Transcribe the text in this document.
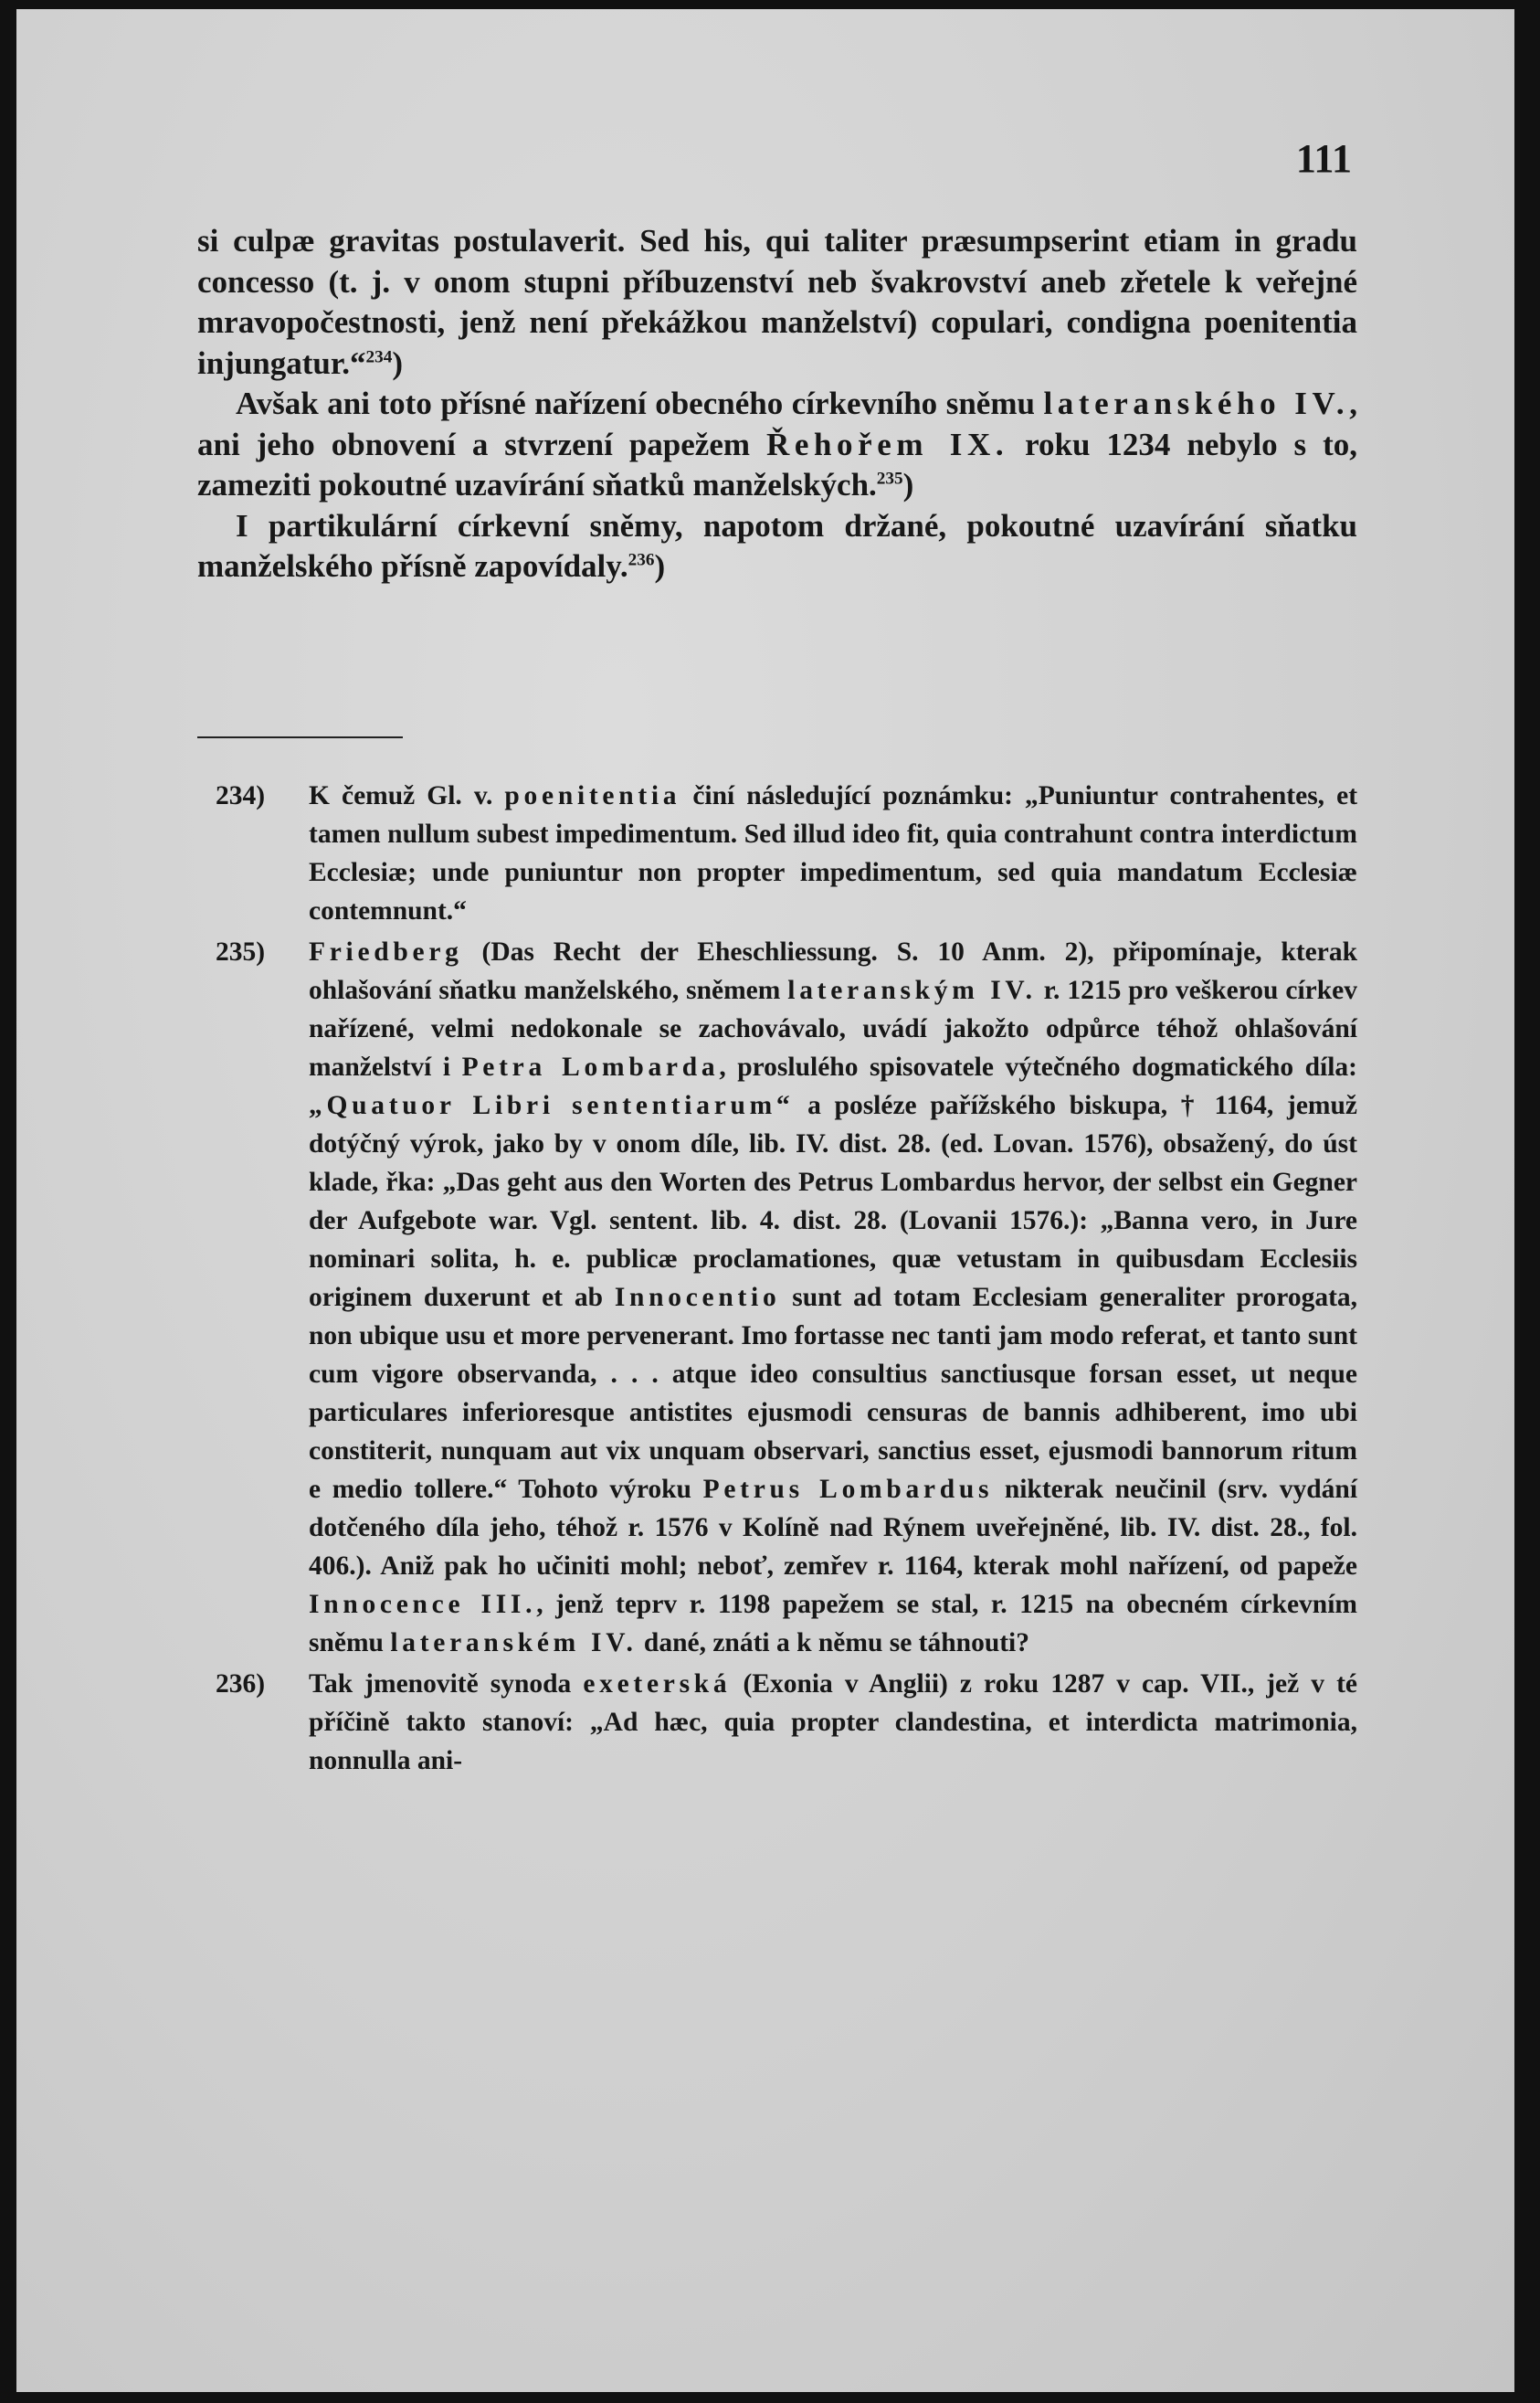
111

si culpæ gravitas postulaverit. Sed his, qui taliter præsumpserint etiam in gradu concesso (t. j. v onom stupni příbuzenství neb švakrovství aneb zřetele k veřejné mravopočestnosti, jenž není překážkou manželství) copulari, condigna poenitentia injungatur.“$^{234}$)

Avšak ani toto přísné nařízení obecného církevního sněmu lateranského IV., ani jeho obnovení a stvrzení papežem Řehořem IX. roku 1234 nebylo s to, zameziti pokoutné uzavírání sňatků manželských.$^{235}$)

I partikulární církevní sněmy, napotom držané, pokoutné uzavírání sňatku manželského přísně zapovídaly.$^{236}$)

234) K čemuž Gl. v. poenitentia činí následující poznámku: „Puniuntur contrahentes, et tamen nullum subest impedimentum. Sed illud ideo fit, quia contrahunt contra interdictum Ecclesiæ; unde puniuntur non propter impedimentum, sed quia mandatum Ecclesiæ contemnunt.“

235) Friedberg (Das Recht der Eheschliessung. S. 10 Anm. 2), připomínaje, kterak ohlašování sňatku manželského, sněmem lateranským IV. r. 1215 pro veškerou církev nařízené, velmi nedokonale se zachovávalo, uvádí jakožto odpůrce téhož ohlašování manželství i Petra Lombarda, proslulého spisovatele výtečného dogmatického díla: „Quatuor Libri sententiarum“ a posléze pařížského biskupa, † 1164, jemuž dotýčný výrok, jako by v onom díle, lib. IV. dist. 28. (ed. Lovan. 1576), obsažený, do úst klade, řka: „Das geht aus den Worten des Petrus Lombardus hervor, der selbst ein Gegner der Aufgebote war. Vgl. sentent. lib. 4. dist. 28. (Lovanii 1576.): „Banna vero, in Jure nominari solita, h. e. publicæ proclamationes, quæ vetustam in quibusdam Ecclesiis originem duxerunt et ab Innocentio sunt ad totam Ecclesiam generaliter prorogata, non ubique usu et more pervenerant. Imo fortasse nec tanti jam modo referat, et tanto sunt cum vigore observanda, . . . atque ideo consultius sanctiusque forsan esset, ut neque particulares inferioresque antistites ejusmodi censuras de bannis adhiberent, imo ubi constiterit, nunquam aut vix unquam observari, sanctius esset, ejusmodi bannorum ritum e medio tollere.“ Tohoto výroku Petrus Lombardus nikterak neučinil (srv. vydání dotčeného díla jeho, téhož r. 1576 v Kolíně nad Rýnem uveřejněné, lib. IV. dist. 28., fol. 406.). Aniž pak ho učiniti mohl; neboť, zemřev r. 1164, kterak mohl nařízení, od papeže Innocence III., jenž teprv r. 1198 papežem se stal, r. 1215 na obecném církevním sněmu lateranském IV. dané, znáti a k němu se táhnouti?

236) Tak jmenovitě synoda exeterská (Exonia v Anglii) z roku 1287 v cap. VII., jež v té příčině takto stanoví: „Ad hæc, quia propter clandestina, et interdicta matrimonia, nonnulla ani-
